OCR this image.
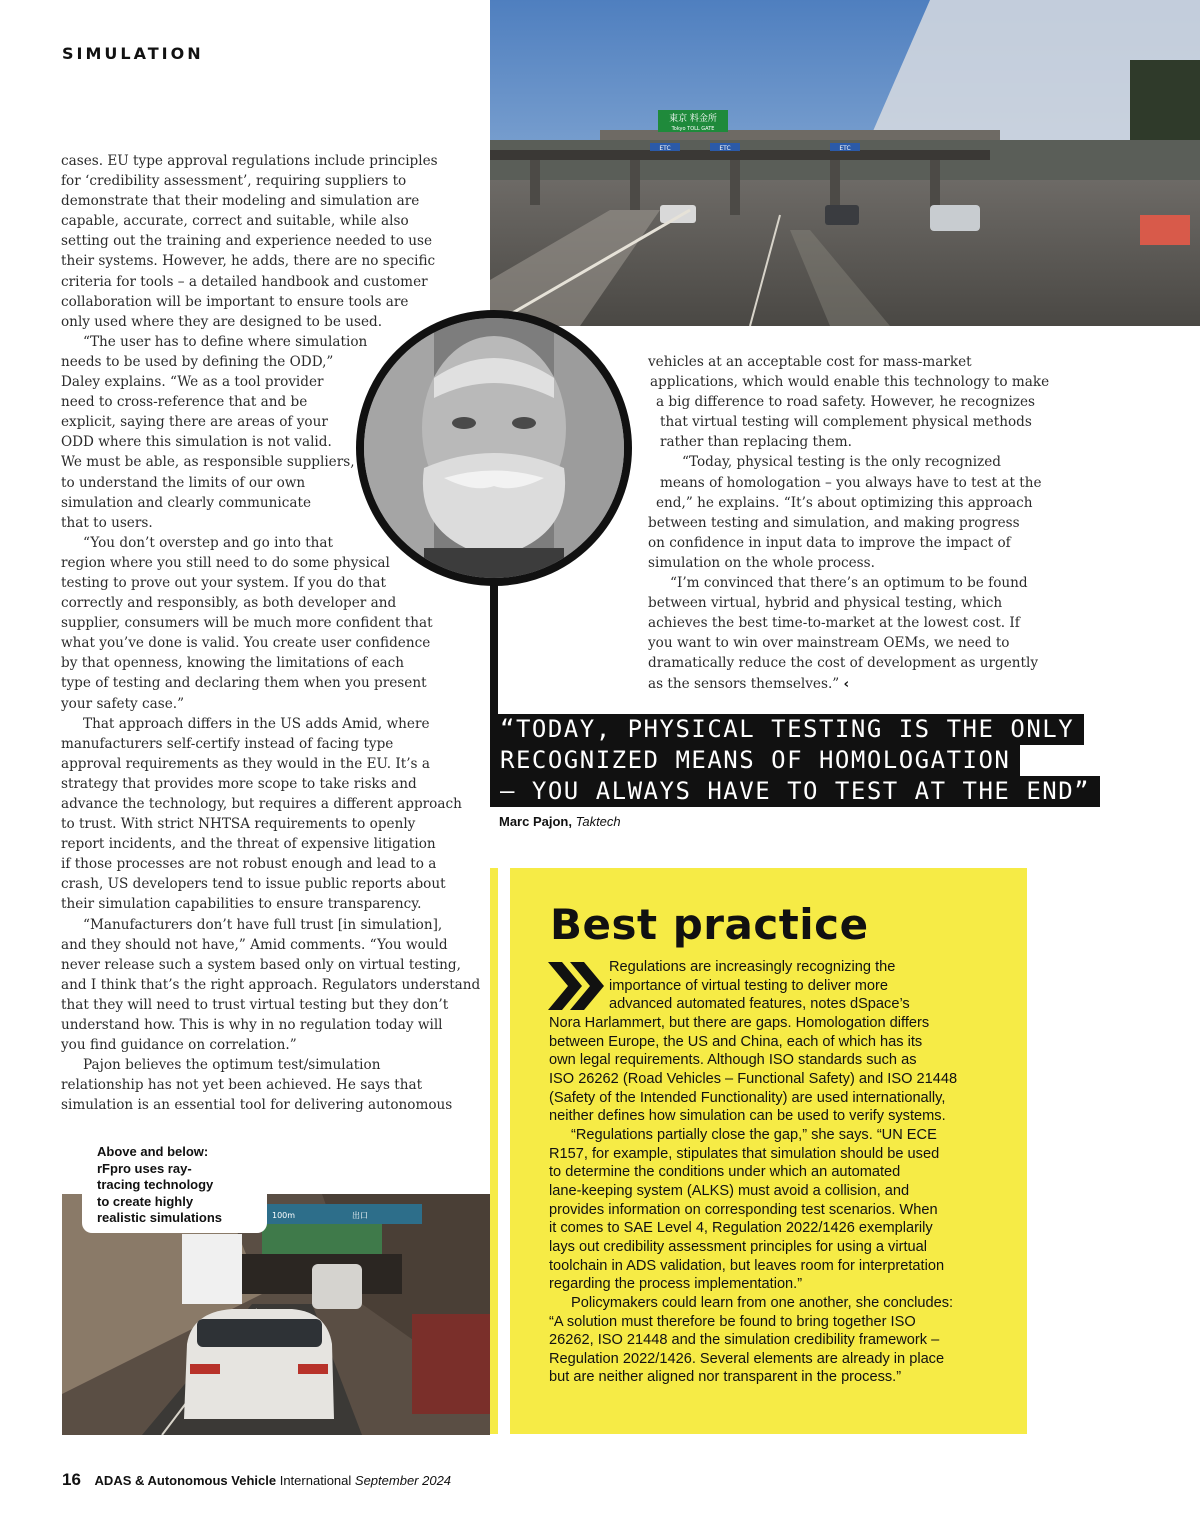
SIMULATION
cases. EU type approval regulations include principles
for ‘credibility assessment’, requiring suppliers to
demonstrate that their modeling and simulation are
capable, accurate, correct and suitable, while also
setting out the training and experience needed to use
their systems. However, he adds, there are no specific
criteria for tools – a detailed handbook and customer
collaboration will be important to ensure tools are
only used where they are designed to be used.
“The user has to define where simulation
needs to be used by defining the ODD,”
Daley explains. “We as a tool provider
need to cross-reference that and be
explicit, saying there are areas of your
ODD where this simulation is not valid.
We must be able, as responsible suppliers,
to understand the limits of our own
simulation and clearly communicate
that to users.
“You don’t overstep and go into that
region where you still need to do some physical
testing to prove out your system. If you do that
correctly and responsibly, as both developer and
supplier, consumers will be much more confident that
what you’ve done is valid. You create user confidence
by that openness, knowing the limitations of each
type of testing and declaring them when you present
your safety case.”
That approach differs in the US adds Amid, where
manufacturers self-certify instead of facing type
approval requirements as they would in the EU. It’s a
strategy that provides more scope to take risks and
advance the technology, but requires a different approach
to trust. With strict NHTSA requirements to openly
report incidents, and the threat of expensive litigation
if those processes are not robust enough and lead to a
crash, US developers tend to issue public reports about
their simulation capabilities to ensure transparency.
“Manufacturers don’t have full trust [in simulation],
and they should not have,” Amid comments. “You would
never release such a system based only on virtual testing,
and I think that’s the right approach. Regulators understand
that they will need to trust virtual testing but they don’t
understand how. This is why in no regulation today will
you find guidance on correlation.”
Pajon believes the optimum test/simulation
relationship has not yet been achieved. He says that
simulation is an essential tool for delivering autonomous
東京 料金所
Tokyo TOLL GATE
ETC	ETC	ETC
vehicles at an acceptable cost for mass-market
applications, which would enable this technology to make
a big difference to road safety. However, he recognizes
that virtual testing will complement physical methods
rather than replacing them.
“Today, physical testing is the only recognized
means of homologation – you always have to test at the
end,” he explains. “It’s about optimizing this approach
between testing and simulation, and making progress
on confidence in input data to improve the impact of
simulation on the whole process.
“I’m convinced that there’s an optimum to be found
between virtual, hybrid and physical testing, which
achieves the best time-to-market at the lowest cost. If
you want to win over mainstream OEMs, we need to
dramatically reduce the cost of development as urgently
as the sensors themselves.” ‹
“TODAY, PHYSICAL TESTING IS THE ONLY
RECOGNIZED MEANS OF HOMOLOGATION
– YOU ALWAYS HAVE TO TEST AT THE END”
Marc Pajon, Taktech
100m	出口
Above and below:
rFpro uses ray-
tracing technology
to create highly
realistic simulations
Best practice
Regulations are increasingly recognizing the
importance of virtual testing to deliver more
advanced automated features, notes dSpace’s
Nora Harlammert, but there are gaps. Homologation differs
between Europe, the US and China, each of which has its
own legal requirements. Although ISO standards such as
ISO 26262 (Road Vehicles – Functional Safety) and ISO 21448
(Safety of the Intended Functionality) are used internationally,
neither defines how simulation can be used to verify systems.
“Regulations partially close the gap,” she says. “UN ECE
R157, for example, stipulates that simulation should be used
to determine the conditions under which an automated
lane-keeping system (ALKS) must avoid a collision, and
provides information on corresponding test scenarios. When
it comes to SAE Level 4, Regulation 2022/1426 exemplarily
lays out credibility assessment principles for using a virtual
toolchain in ADS validation, but leaves room for interpretation
regarding the process implementation.”
Policymakers could learn from one another, she concludes:
“A solution must therefore be found to bring together ISO
26262, ISO 21448 and the simulation credibility framework –
Regulation 2022/1426. Several elements are already in place
but are neither aligned nor transparent in the process.”
16 ADAS & Autonomous Vehicle International September 2024
